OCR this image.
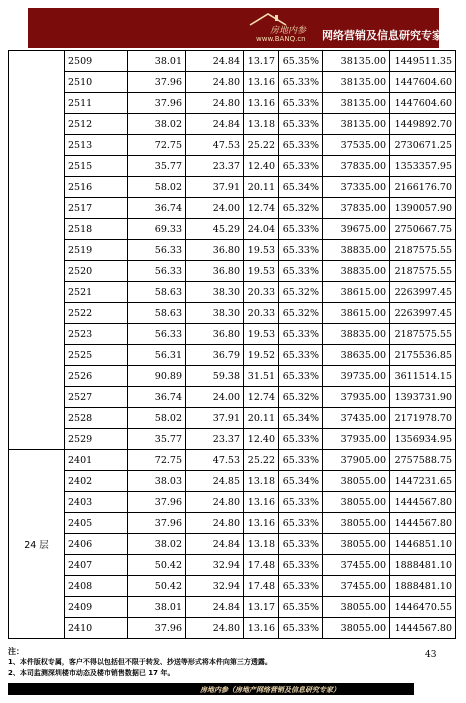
房地内参
www.BANQ.cn 网络营销及信息研究专家
	2509	38.01	24.84	13.17	65.35%	38135.00	1449511.35
	2510	37.96	24.80	13.16	65.33%	38135.00	1447604.60
	2511	37.96	24.80	13.16	65.33%	38135.00	1447604.60
	2512	38.02	24.84	13.18	65.33%	38135.00	1449892.70
	2513	72.75	47.53	25.22	65.33%	37535.00	2730671.25
	2515	35.77	23.37	12.40	65.33%	37835.00	1353357.95
	2516	58.02	37.91	20.11	65.34%	37335.00	2166176.70
	2517	36.74	24.00	12.74	65.32%	37835.00	1390057.90
	2518	69.33	45.29	24.04	65.33%	39675.00	2750667.75
	2519	56.33	36.80	19.53	65.33%	38835.00	2187575.55
	2520	56.33	36.80	19.53	65.33%	38835.00	2187575.55
	2521	58.63	38.30	20.33	65.32%	38615.00	2263997.45
	2522	58.63	38.30	20.33	65.32%	38615.00	2263997.45
	2523	56.33	36.80	19.53	65.33%	38835.00	2187575.55
	2525	56.31	36.79	19.52	65.33%	38635.00	2175536.85
	2526	90.89	59.38	31.51	65.33%	39735.00	3611514.15
	2527	36.74	24.00	12.74	65.32%	37935.00	1393731.90
	2528	58.02	37.91	20.11	65.34%	37435.00	2171978.70
	2529	35.77	23.37	12.40	65.33%	37935.00	1356934.95
24 层	2401	72.75	47.53	25.22	65.33%	37905.00	2757588.75
	2402	38.03	24.85	13.18	65.34%	38055.00	1447231.65
	2403	37.96	24.80	13.16	65.33%	38055.00	1444567.80
	2405	37.96	24.80	13.16	65.33%	38055.00	1444567.80
	2406	38.02	24.84	13.18	65.33%	38055.00	1446851.10
	2407	50.42	32.94	17.48	65.33%	37455.00	1888481.10
	2408	50.42	32.94	17.48	65.33%	37455.00	1888481.10
	2409	38.01	24.84	13.17	65.35%	38055.00	1446470.55
	2410	37.96	24.80	13.16	65.33%	38055.00	1444567.80
注：
1、本件版权专属，客户不得以包括但不限于转发、抄送等形式将本件向第三方透露。
2、本司监测深圳楼市动态及楼市销售数据已 17 年。
43
房地内参（房地产网络营销及信息研究专家）
